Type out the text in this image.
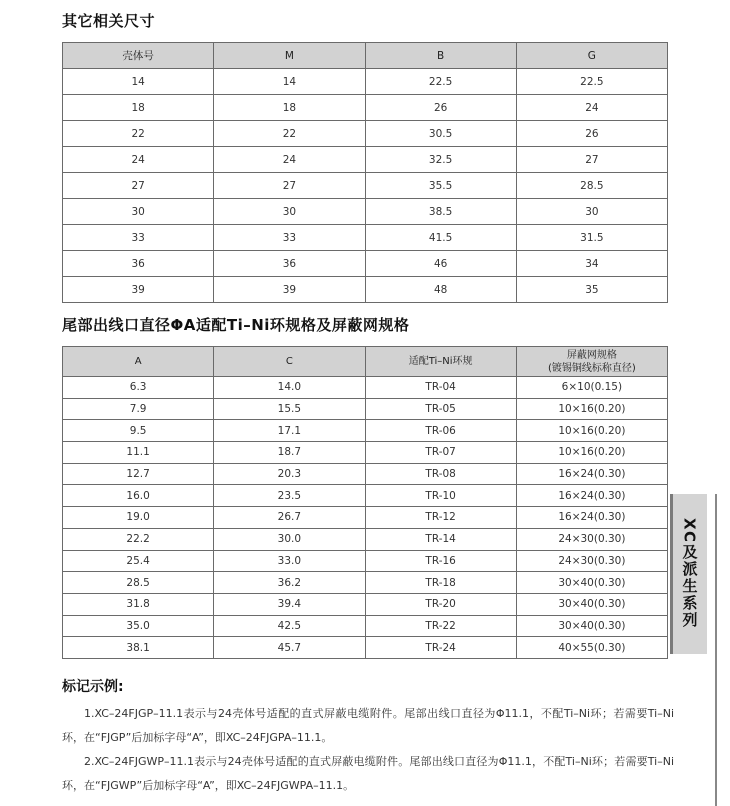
其它相关尺寸
壳体号	M	B	G
14	14	22.5	22.5
18	18	26	24
22	22	30.5	26
24	24	32.5	27
27	27	35.5	28.5
30	30	38.5	30
33	33	41.5	31.5
36	36	46	34
39	39	48	35
尾部出线口直径ΦA适配Ti–Ni环规格及屏蔽网规格
A	C	适配Ti–Ni环规	屏蔽网规格
(镀锡铜线标称直径)

6.3	14.0	TR-04	6×10(0.15)
7.9	15.5	TR-05	10×16(0.20)
9.5	17.1	TR-06	10×16(0.20)
11.1	18.7	TR-07	10×16(0.20)
12.7	20.3	TR-08	16×24(0.30)
16.0	23.5	TR-10	16×24(0.30)
19.0	26.7	TR-12	16×24(0.30)
22.2	30.0	TR-14	24×30(0.30)
25.4	33.0	TR-16	24×30(0.30)
28.5	36.2	TR-18	30×40(0.30)
31.8	39.4	TR-20	30×40(0.30)
35.0	42.5	TR-22	30×40(0.30)
38.1	45.7	TR-24	40×55(0.30)
标记示例:

1.XC–24FJGP–11.1表示与24壳体号适配的直式屏蔽电缆附件。尾部出线口直径为Φ11.1，不配Ti–Ni环；若需要Ti–Ni环，在“FJGP”后加标字母“A”，即XC–24FJGPA–11.1。

2.XC–24FJGWP–11.1表示与24壳体号适配的直式屏蔽电缆附件。尾部出线口直径为Φ11.1，不配Ti–Ni环；若需要Ti–Ni环，在“FJGWP”后加标字母“A”，即XC–24FJGWPA–11.1。

XC及派生系列
